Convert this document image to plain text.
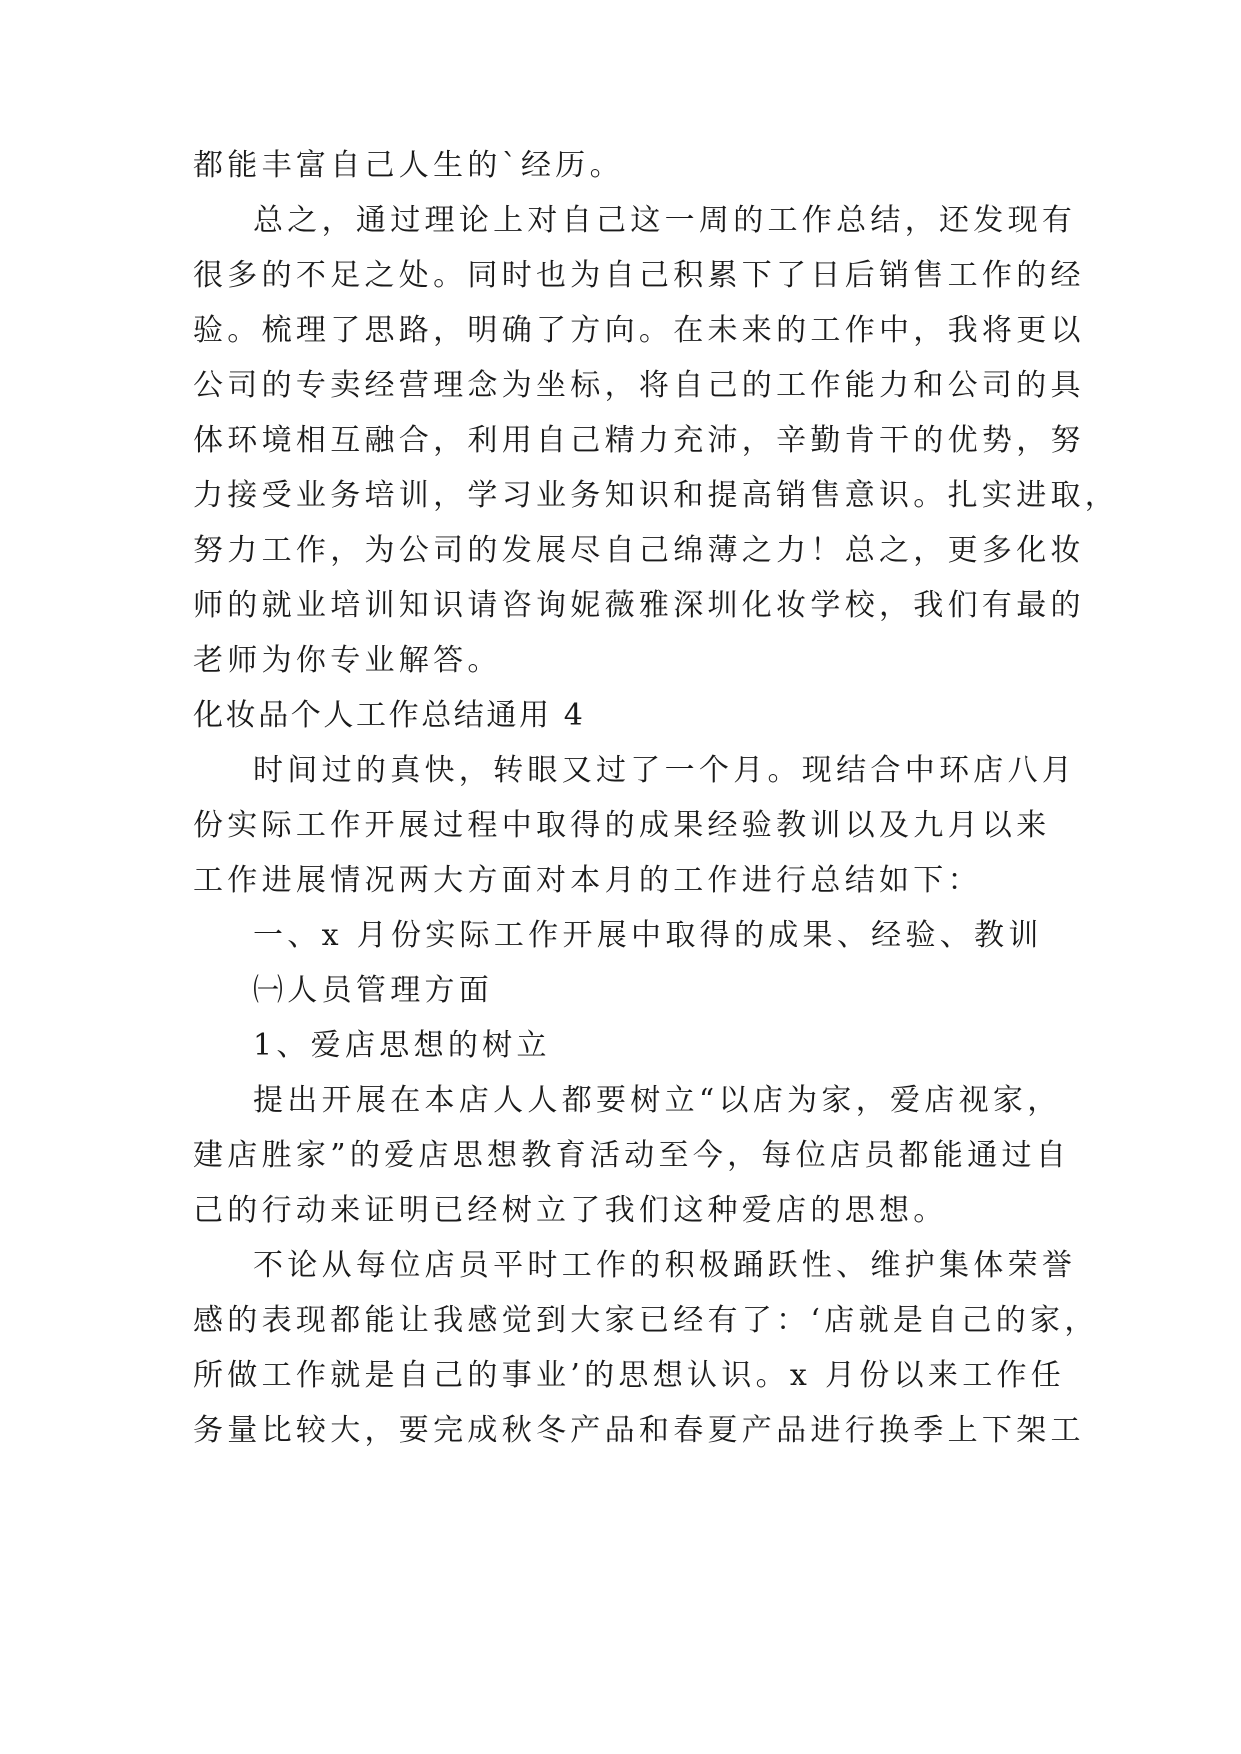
都能丰富自己人生的`经历。

总之，通过理论上对自己这一周的工作总结，还发现有

很多的不足之处。同时也为自己积累下了日后销售工作的经

验。梳理了思路，明确了方向。在未来的工作中，我将更以

公司的专卖经营理念为坐标，将自己的工作能力和公司的具

体环境相互融合，利用自己精力充沛，辛勤肯干的优势，努

力接受业务培训，学习业务知识和提高销售意识。扎实进取，

努力工作，为公司的发展尽自己绵薄之力！总之，更多化妆

师的就业培训知识请咨询妮薇雅深圳化妆学校，我们有最的

老师为你专业解答。

化妆品个人工作总结通用 4

时间过的真快，转眼又过了一个月。现结合中环店八月

份实际工作开展过程中取得的成果经验教训以及九月以来

工作进展情况两大方面对本月的工作进行总结如下：

一、x 月份实际工作开展中取得的成果、经验、教训

㈠人员管理方面

1、爱店思想的树立

提出开展在本店人人都要树立“以店为家，爱店视家，

建店胜家”的爱店思想教育活动至今，每位店员都能通过自

己的行动来证明已经树立了我们这种爱店的思想。

不论从每位店员平时工作的积极踊跃性、维护集体荣誉

感的表现都能让我感觉到大家已经有了：‘店就是自己的家，

所做工作就是自己的事业’的思想认识。x 月份以来工作任

务量比较大，要完成秋冬产品和春夏产品进行换季上下架工
